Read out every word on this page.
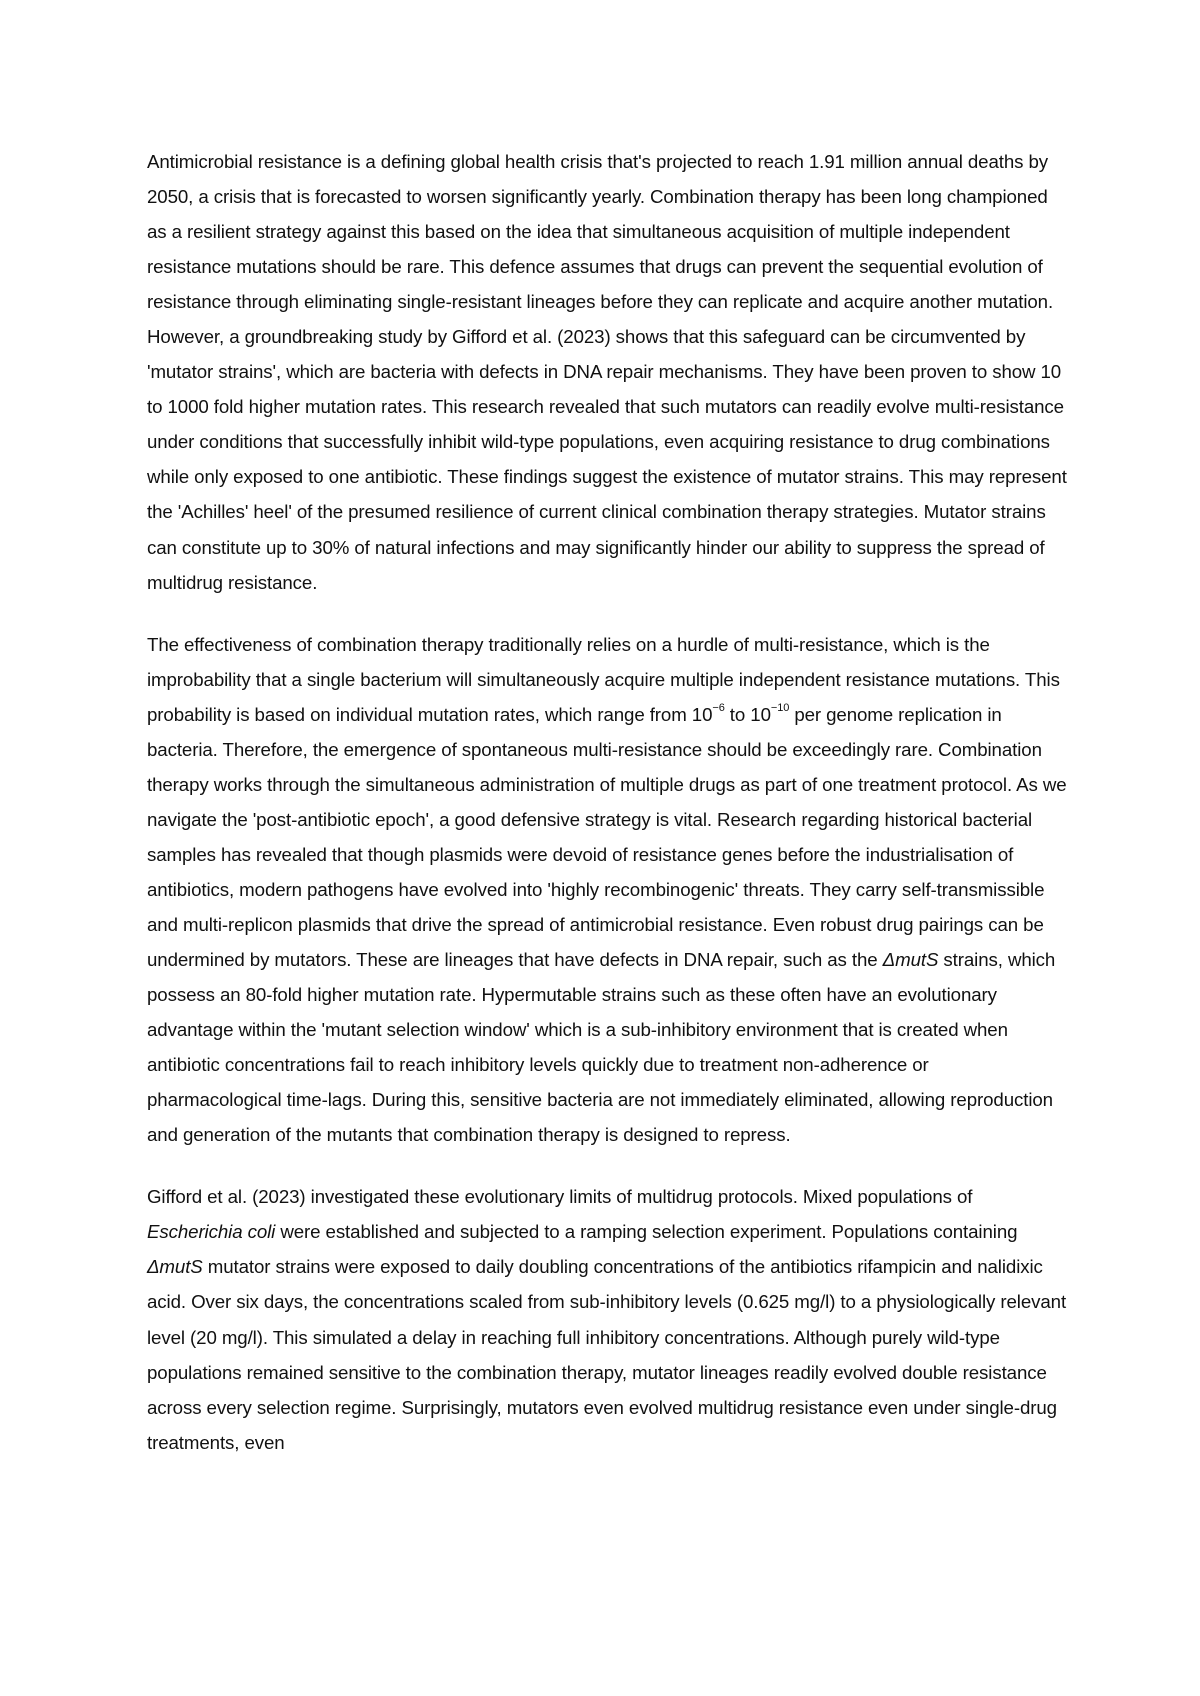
Antimicrobial resistance is a defining global health crisis that's projected to reach 1.91 million annual deaths by 2050, a crisis that is forecasted to worsen significantly yearly. Combination therapy has been long championed as a resilient strategy against this based on the idea that simultaneous acquisition of multiple independent resistance mutations should be rare. This defence assumes that drugs can prevent the sequential evolution of resistance through eliminating single-resistant lineages before they can replicate and acquire another mutation. However, a groundbreaking study by Gifford et al. (2023) shows that this safeguard can be circumvented by 'mutator strains', which are bacteria with defects in DNA repair mechanisms. They have been proven to show 10 to 1000 fold higher mutation rates. This research revealed that such mutators can readily evolve multi-resistance under conditions that successfully inhibit wild-type populations, even acquiring resistance to drug combinations while only exposed to one antibiotic. These findings suggest the existence of mutator strains. This may represent the 'Achilles' heel' of the presumed resilience of current clinical combination therapy strategies. Mutator strains can constitute up to 30% of natural infections and may significantly hinder our ability to suppress the spread of multidrug resistance.

The effectiveness of combination therapy traditionally relies on a hurdle of multi-resistance, which is the improbability that a single bacterium will simultaneously acquire multiple independent resistance mutations. This probability is based on individual mutation rates, which range from $10^{-6}$ to $10^{-10}$ per genome replication in bacteria. Therefore, the emergence of spontaneous multi-resistance should be exceedingly rare. Combination therapy works through the simultaneous administration of multiple drugs as part of one treatment protocol. As we navigate the 'post-antibiotic epoch', a good defensive strategy is vital. Research regarding historical bacterial samples has revealed that though plasmids were devoid of resistance genes before the industrialisation of antibiotics, modern pathogens have evolved into 'highly recombinogenic' threats. They carry self-transmissible and multi-replicon plasmids that drive the spread of antimicrobial resistance. Even robust drug pairings can be undermined by mutators. These are lineages that have defects in DNA repair, such as the ΔmutS strains, which possess an 80-fold higher mutation rate. Hypermutable strains such as these often have an evolutionary advantage within the 'mutant selection window' which is a sub-inhibitory environment that is created when antibiotic concentrations fail to reach inhibitory levels quickly due to treatment non-adherence or pharmacological time-lags. During this, sensitive bacteria are not immediately eliminated, allowing reproduction and generation of the mutants that combination therapy is designed to repress.

Gifford et al. (2023) investigated these evolutionary limits of multidrug protocols. Mixed populations of Escherichia coli were established and subjected to a ramping selection experiment. Populations containing ΔmutS mutator strains were exposed to daily doubling concentrations of the antibiotics rifampicin and nalidixic acid. Over six days, the concentrations scaled from sub-inhibitory levels (0.625 mg/l) to a physiologically relevant level (20 mg/l). This simulated a delay in reaching full inhibitory concentrations. Although purely wild-type populations remained sensitive to the combination therapy, mutator lineages readily evolved double resistance across every selection regime. Surprisingly, mutators even evolved multidrug resistance even under single-drug treatments, even
